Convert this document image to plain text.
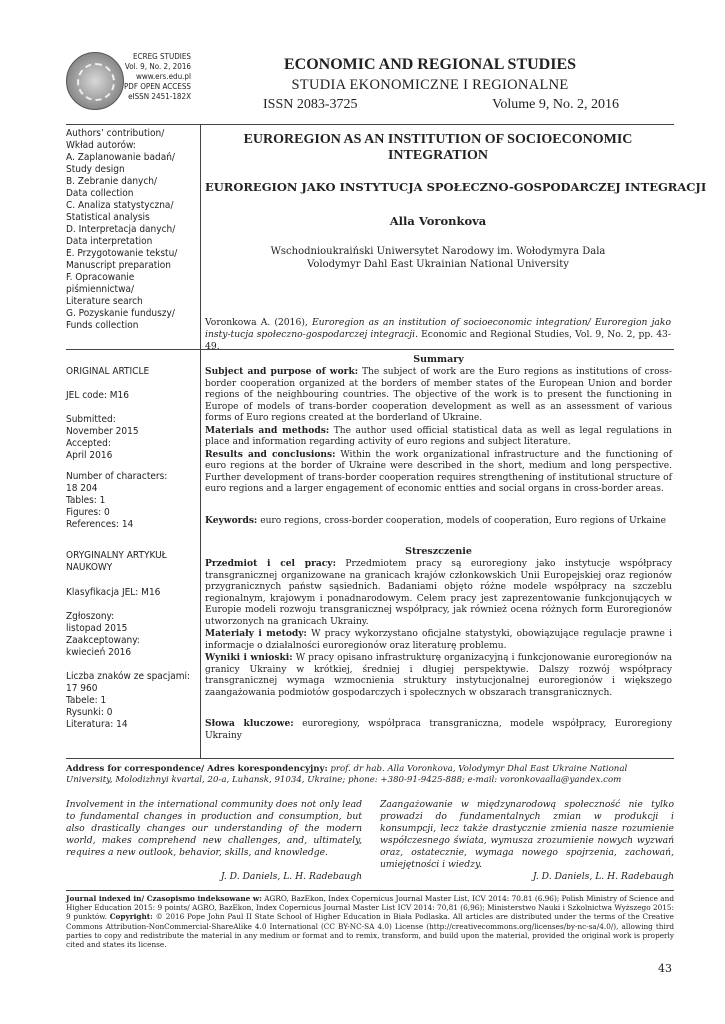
ECREG STUDIES
Vol. 9, No. 2, 2016
www.ers.edu.pl
PDF OPEN ACCESS
eISSN 2451-182X
ECONOMIC AND REGIONAL STUDIES
STUDIA EKONOMICZNE I REGIONALNE
ISSN 2083-3725	Volume 9, No. 2, 2016
Authors’ contribution/
Wkład autorów:
A. Zaplanowanie badań/
Study design
B. Zebranie danych/
Data collection
C. Analiza statystyczna/
Statistical analysis
D. Interpretacja danych/
Data interpretation
E. Przygotowanie tekstu/
Manuscript preparation
F. Opracowanie
piśmiennictwa/
Literature search
G. Pozyskanie funduszy/
Funds collection
ORIGINAL ARTICLE
JEL code: M16
Submitted:
November 2015
Accepted:
April 2016
Number of characters:
18 204
Tables: 1
Figures: 0
References: 14
ORYGINALNY ARTYKUŁ
NAUKOWY
Klasyfikacja JEL: M16
Zgłoszony:
listopad 2015
Zaakceptowany:
kwiecień 2016
Liczba znaków ze spacjami:
17 960
Tabele: 1
Rysunki: 0
Literatura: 14
EUROREGION AS AN INSTITUTION OF SOCIOECONOMIC INTEGRATION
EUROREGION JAKO INSTYTUCJA SPOŁECZNO-GOSPODARCZEJ INTEGRACJI
Alla Voronkova
Wschodnioukraiński Uniwersytet Narodowy im. Wołodymyra Dala
Volodymyr Dahl East Ukrainian National University
Voronkowa A. (2016), Euroregion as an institution of socioeconomic integration/ Euroregion jako insty-tucja społeczno-gospodarczej integracji. Economic and Regional Studies, Vol. 9, No. 2, pp. 43-49.
Summary

Subject and purpose of work: The subject of work are the Euro regions as institutions of cross-border cooperation organized at the borders of member states of the European Union and border regions of the neighbouring countries. The objective of the work is to present the functioning in Europe of models of trans-border cooperation development as well as an assessment of various forms of Euro regions created at the borderland of Ukraine.

Materials and methods: The author used official statistical data as well as legal regulations in place and information regarding activity of euro regions and subject literature.

Results and conclusions: Within the work organizational infrastructure and the functioning of euro regions at the border of Ukraine were described in the short, medium and long perspective. Further development of trans-border cooperation requires strengthening of institutional structure of euro regions and a larger engagement of economic entties and social organs in cross-border areas.

Keywords: euro regions, cross-border cooperation, models of cooperation, Euro regions of Urkaine
Streszczenie

Przedmiot i cel pracy: Przedmiotem pracy są euroregiony jako instytucje współpracy transgranicznej organizowane na granicach krajów członkowskich Unii Europejskiej oraz regionów przygranicznych państw sąsiednich. Badaniami objęto różne modele współpracy na szczeblu regionalnym, krajowym i ponadnarodowym. Celem pracy jest zaprezentowanie funkcjonujących w Europie modeli rozwoju transgranicznej współpracy, jak również ocena różnych form Euroregionów utworzonych na granicach Ukrainy.

Materiały i metody: W pracy wykorzystano oficjalne statystyki, obowiązujące regulacje prawne i informacje o działalności euroregionów oraz literaturę problemu.

Wyniki i wnioski: W pracy opisano infrastrukturę organizacyjną i funkcjonowanie euroregionów na granicy Ukrainy w krótkiej, średniej i długiej perspektywie. Dalszy rozwój współpracy transgranicznej wymaga wzmocnienia struktury instytucjonalnej euroregionów i większego zaangażowania podmiotów gospodarczych i społecznych w obszarach transgranicznych.

Słowa kluczowe: euroregiony, współpraca transgraniczna, modele współpracy, Euroregiony Ukrainy
Address for correspondence/ Adres korespondencyjny: prof. dr hab. Alla Voronkova, Volodymyr Dhal East Ukraine National University, Molodizhnyi kvartal, 20-a, Luhansk, 91034, Ukraine; phone: +380-91-9425-888; e-mail: voronkovaalla@yandex.com
Involvement in the international community does not only lead to fundamental changes in production and consumption, but also drastically changes our understanding of the modern world, makes comprehend new challenges, and, ultimately, requires a new outlook, behavior, skills, and knowledge.
Zaangażowanie w międzynarodową społeczność nie tylko prowadzi do fundamentalnych zmian w produkcji i konsumpcji, lecz także drastycznie zmienia nasze rozumienie współczesnego świata, wymusza zrozumienie nowych wyzwań oraz, ostatecznie, wymaga nowego spojrzenia, zachowań, umiejętności i wiedzy.
J. D. Daniels, L. H. Radebaugh	J. D. Daniels, L. H. Radebaugh
Journal indexed in/ Czasopismo indeksowane w: AGRO, BazEkon, Index Copernicus Journal Master List, ICV 2014: 70.81 (6.96); Polish Ministry of Science and Higher Education 2015: 9 points/ AGRO, BazEkon, Index Copernicus Journal Master List ICV 2014: 70,81 (6,96); Ministerstwo Nauki i Szkolnictwa Wyższego 2015: 9 punktów. Copyright: © 2016 Pope John Paul II State School of Higher Education in Biała Podlaska. All articles are distributed under the terms of the Creative Commons Attribution-NonCommercial-ShareAlike 4.0 International (CC BY-NC-SA 4.0) License (http://creativecommons.org/licenses/by-nc-sa/4.0/), allowing third parties to copy and redistribute the material in any medium or format and to remix, transform, and build upon the material, provided the original work is properly cited and states its license.
43
